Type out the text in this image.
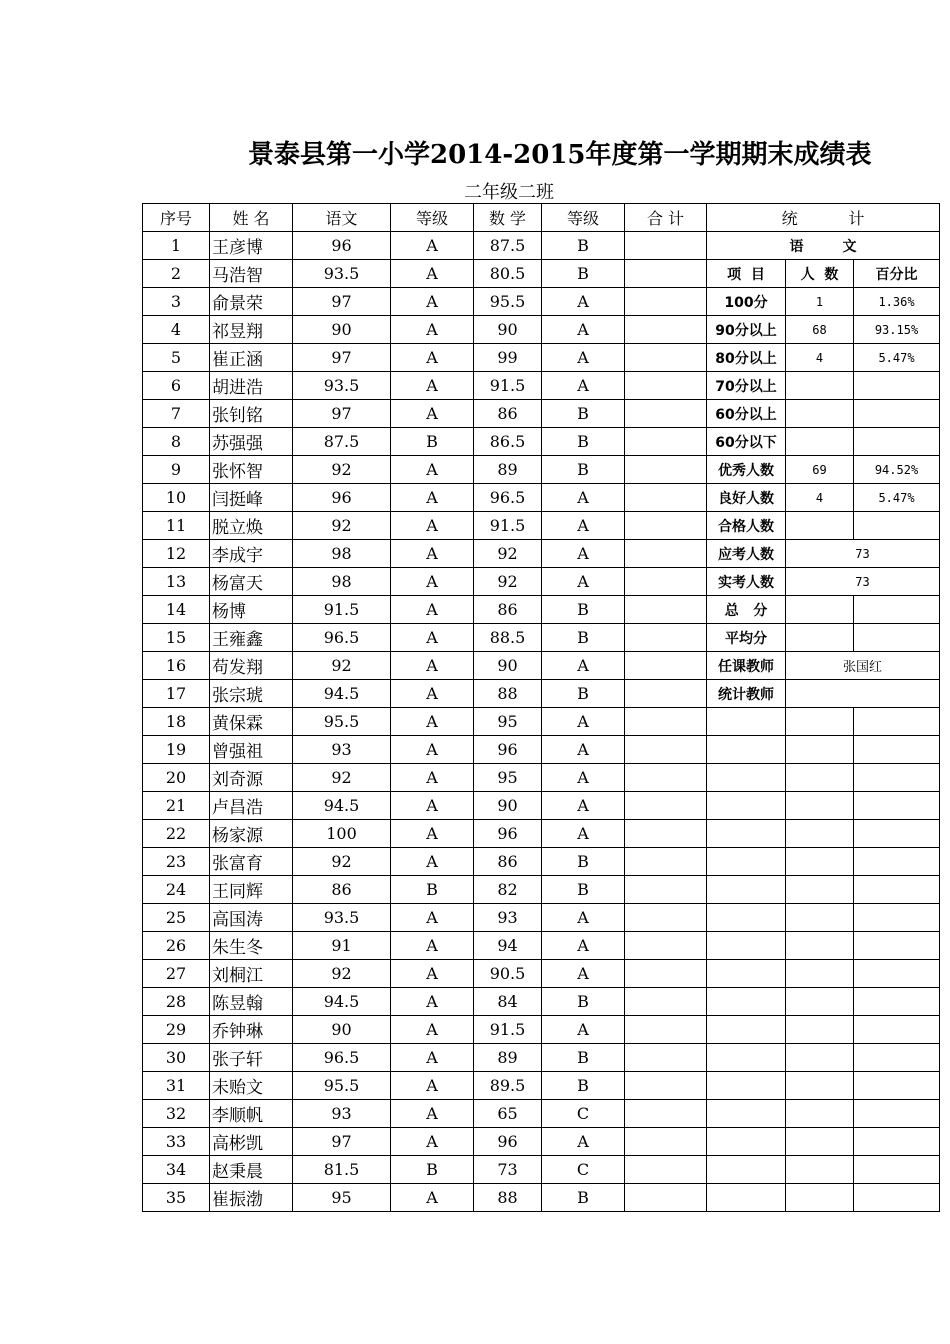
景泰县第一小学2014-2015年度第一学期期末成绩表
二年级二班
序号	姓 名	语文	等级	数 学	等级	合 计	统          计		
1	王彦博	96	A	87.5	B		语        文		
2	马浩智	93.5	A	80.5	B		项  目	人  数	百分比
3	俞景荣	97	A	95.5	A		100分	1	1.36%
4	祁昱翔	90	A	90	A		90分以上	68	93.15%
5	崔正涵	97	A	99	A		80分以上	4	5.47%
6	胡进浩	93.5	A	91.5	A		70分以上		
7	张钊铭	97	A	86	B		60分以上		
8	苏强强	87.5	B	86.5	B		60分以下		
9	张怀智	92	A	89	B		优秀人数	69	94.52%
10	闫挺峰	96	A	96.5	A		良好人数	4	5.47%
11	脱立焕	92	A	91.5	A		合格人数		
12	李成宇	98	A	92	A		应考人数	73	
13	杨富天	98	A	92	A		实考人数	73	
14	杨博	91.5	A	86	B		总   分		
15	王雍鑫	96.5	A	88.5	B		平均分		
16	苟发翔	92	A	90	A		任课教师	张国红	
17	张宗琥	94.5	A	88	B		统计教师		
18	黄保霖	95.5	A	95	A				
19	曾强祖	93	A	96	A				
20	刘奇源	92	A	95	A				
21	卢昌浩	94.5	A	90	A				
22	杨家源	100	A	96	A				
23	张富育	92	A	86	B				
24	王同辉	86	B	82	B				
25	高国涛	93.5	A	93	A				
26	朱生冬	91	A	94	A				
27	刘桐江	92	A	90.5	A				
28	陈昱翰	94.5	A	84	B				
29	乔钟琳	90	A	91.5	A				
30	张子轩	96.5	A	89	B				
31	未贻文	95.5	A	89.5	B				
32	李顺帆	93	A	65	C				
33	高彬凯	97	A	96	A				
34	赵秉晨	81.5	B	73	C				
35	崔振渤	95	A	88	B				
